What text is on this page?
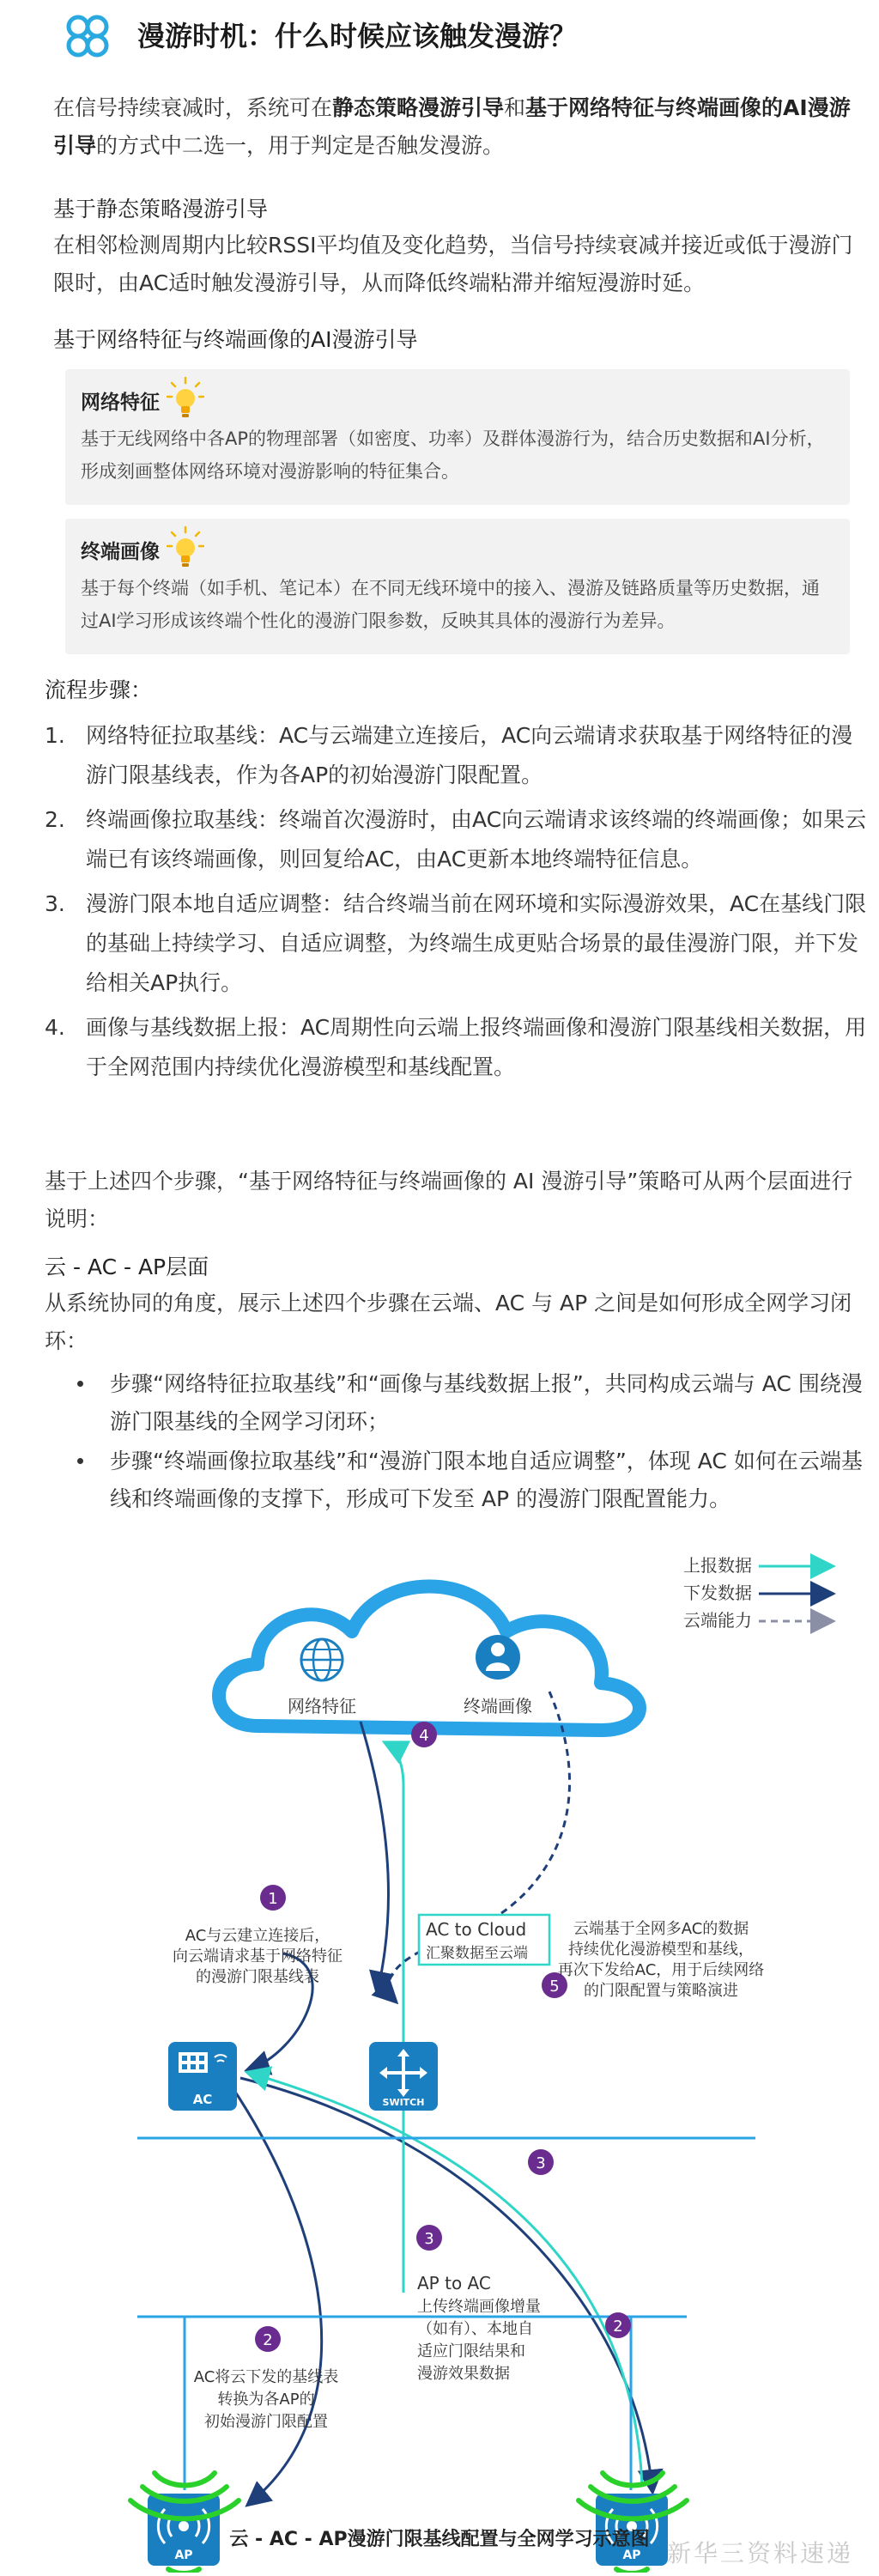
漫游时机：什么时候应该触发漫游？
在信号持续衰减时，系统可在静态策略漫游引导和基于网络特征与终端画像的AI漫游引导的方式中二选一，用于判定是否触发漫游。
基于静态策略漫游引导
在相邻检测周期内比较RSSI平均值及变化趋势，当信号持续衰减并接近或低于漫游门限时，由AC适时触发漫游引导，从而降低终端粘滞并缩短漫游时延。
基于网络特征与终端画像的AI漫游引导
网络特征
基于无线网络中各AP的物理部署（如密度、功率）及群体漫游行为，结合历史数据和AI分析，形成刻画整体网络环境对漫游影响的特征集合。
终端画像
基于每个终端（如手机、笔记本）在不同无线环境中的接入、漫游及链路质量等历史数据，通过AI学习形成该终端个性化的漫游门限参数，反映其具体的漫游行为差异。
流程步骤：
1. 网络特征拉取基线：AC与云端建立连接后，AC向云端请求获取基于网络特征的漫游门限基线表，作为各AP的初始漫游门限配置。
2. 终端画像拉取基线：终端首次漫游时，由AC向云端请求该终端的终端画像；如果云端已有该终端画像，则回复给AC，由AC更新本地终端特征信息。
3. 漫游门限本地自适应调整：结合终端当前在网环境和实际漫游效果，AC在基线门限的基础上持续学习、自适应调整，为终端生成更贴合场景的最佳漫游门限，并下发给相关AP执行。
4. 画像与基线数据上报：AC周期性向云端上报终端画像和漫游门限基线相关数据，用于全网范围内持续优化漫游模型和基线配置。
基于上述四个步骤，“基于网络特征与终端画像的 AI 漫游引导”策略可从两个层面进行说明：
云 - AC - AP层面
从系统协同的角度，展示上述四个步骤在云端、AC 与 AP 之间是如何形成全网学习闭环：
步骤“网络特征拉取基线”和“画像与基线数据上报”，共同构成云端与 AC 围绕漫游门限基线的全网学习闭环；
步骤“终端画像拉取基线”和“漫游门限本地自适应调整”，体现 AC 如何在云端基线和终端画像的支撑下，形成可下发至 AP 的漫游门限配置能力。
上报数据
下发数据
云端能力
网络特征	终端画像
AC	SWITCH
AP	AP
1
4
5
3
3
2
2
AC与云建立连接后，
向云端请求基于网络特征
的漫游门限基线表
AC to Cloud
汇聚数据至云端
云端基于全网多AC的数据
持续优化漫游模型和基线，
再次下发给AC，用于后续网络
的门限配置与策略演进
AC将云下发的基线表
转换为各AP的
初始漫游门限配置
AP to AC
上传终端画像增量
（如有）、本地自
适应门限结果和
漫游效果数据
云 - AC - AP漫游门限基线配置与全网学习示意图 新华三资料速递
